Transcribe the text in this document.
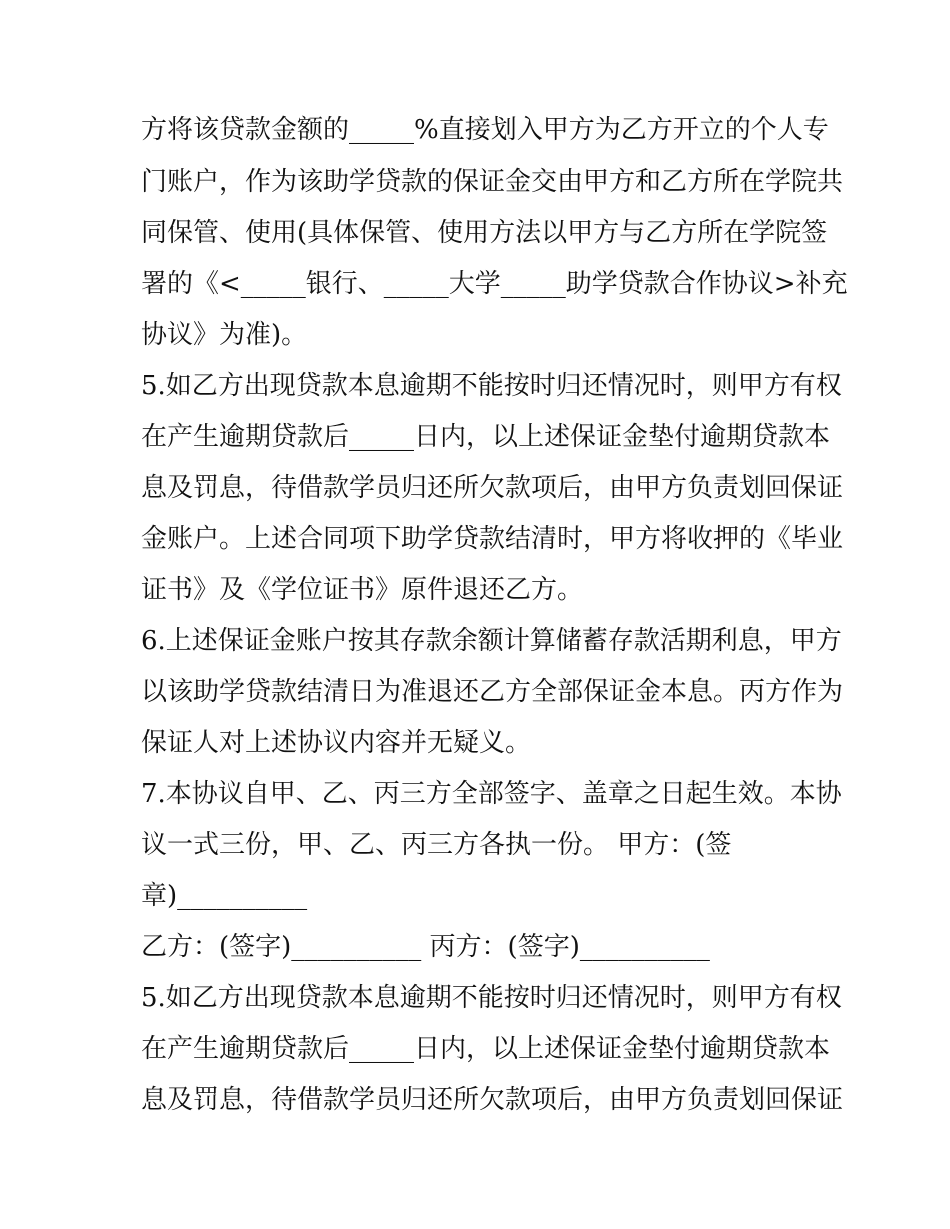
方将该贷款金额的_____%直接划入甲方为乙方开立的个人专
门账户，作为该助学贷款的保证金交由甲方和乙方所在学院共
同保管、使用(具体保管、使用方法以甲方与乙方所在学院签
署的《<_____银行、_____大学_____助学贷款合作协议>补充
协议》为准)。
5.如乙方出现贷款本息逾期不能按时归还情况时，则甲方有权
在产生逾期贷款后_____日内，以上述保证金垫付逾期贷款本
息及罚息，待借款学员归还所欠款项后，由甲方负责划回保证
金账户。上述合同项下助学贷款结清时，甲方将收押的《毕业
证书》及《学位证书》原件退还乙方。
6.上述保证金账户按其存款余额计算储蓄存款活期利息，甲方
以该助学贷款结清日为准退还乙方全部保证金本息。丙方作为
保证人对上述协议内容并无疑义。
7.本协议自甲、乙、丙三方全部签字、盖章之日起生效。本协
议一式三份，甲、乙、丙三方各执一份。 甲方：(签
章)__________
乙方：(签字)__________ 丙方：(签字)__________
5.如乙方出现贷款本息逾期不能按时归还情况时，则甲方有权
在产生逾期贷款后_____日内，以上述保证金垫付逾期贷款本
息及罚息，待借款学员归还所欠款项后，由甲方负责划回保证
